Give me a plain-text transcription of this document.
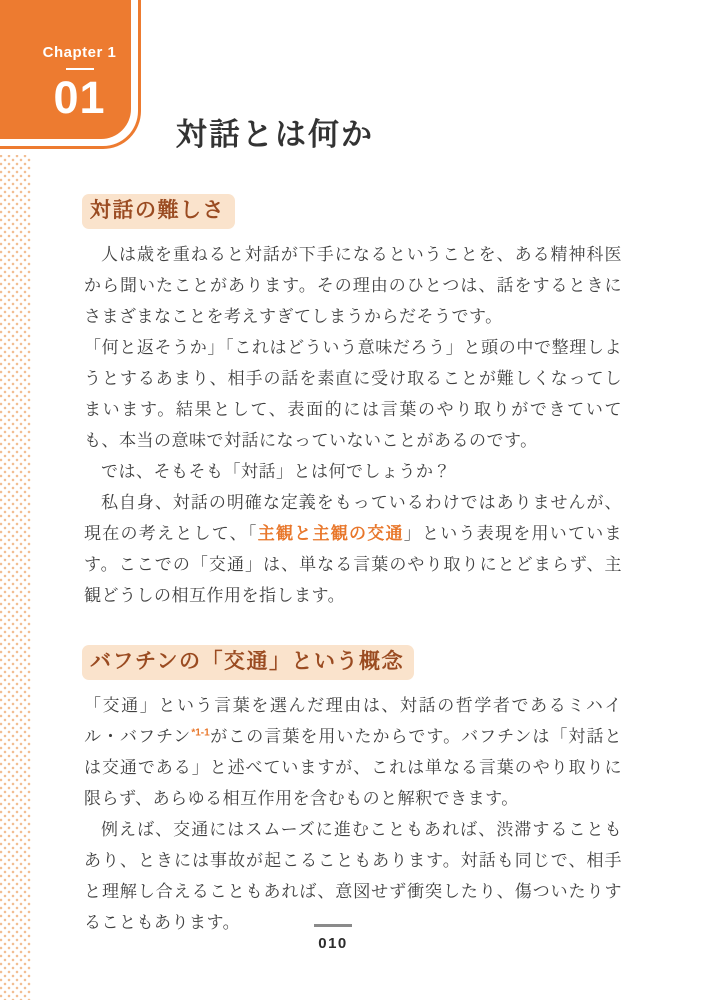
Chapter 1
01
対話とは何か
対話の難しさ

人は歳を重ねると対話が下手になるということを、ある精神科医から聞いたことがあります。その理由のひとつは、話をするときにさまざまなことを考えすぎてしまうからだそうです。

「何と返そうか」「これはどういう意味だろう」と頭の中で整理しようとするあまり、相手の話を素直に受け取ることが難しくなってしまいます。結果として、表面的には言葉のやり取りができていても、本当の意味で対話になっていないことがあるのです。

では、そもそも「対話」とは何でしょうか？

私自身、対話の明確な定義をもっているわけではありませんが、現在の考えとして、「主観と主観の交通」という表現を用いています。ここでの「交通」は、単なる言葉のやり取りにとどまらず、主観どうしの相互作用を指します。

バフチンの「交通」という概念

「交通」という言葉を選んだ理由は、対話の哲学者であるミハイル・バフチン$^{*1-1}$がこの言葉を用いたからです。バフチンは「対話とは交通である」と述べていますが、これは単なる言葉のやり取りに限らず、あらゆる相互作用を含むものと解釈できます。

例えば、交通にはスムーズに進むこともあれば、渋滞することもあり、ときには事故が起こることもあります。対話も同じで、相手と理解し合えることもあれば、意図せず衝突したり、傷ついたりすることもあります。

010
